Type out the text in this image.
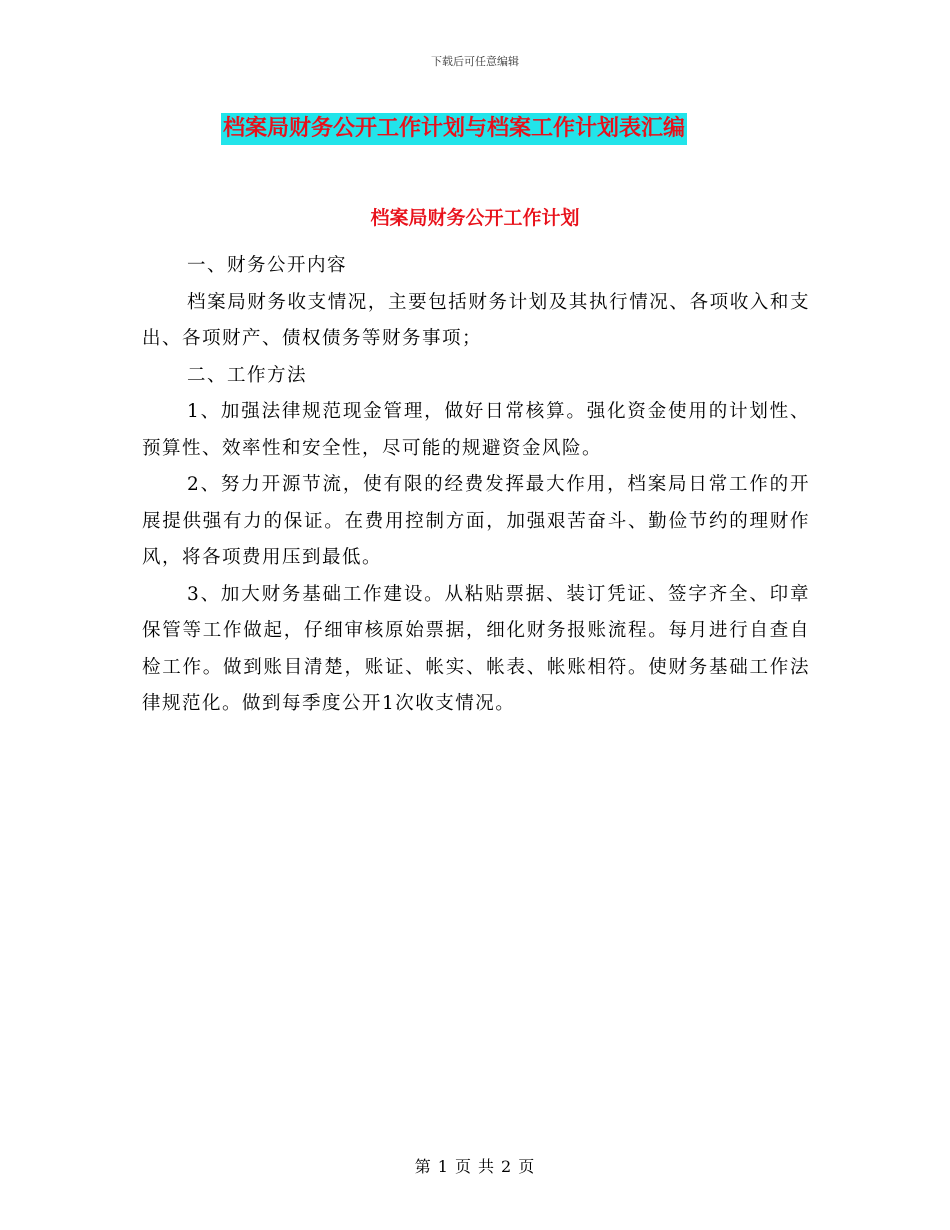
下载后可任意编辑
档案局财务公开工作计划与档案工作计划表汇编
档案局财务公开工作计划

一、财务公开内容

档案局财务收支情况，主要包括财务计划及其执行情况、各项收入和支出、各项财产、债权债务等财务事项；

二、工作方法

1、加强法律规范现金管理，做好日常核算。强化资金使用的计划性、预算性、效率性和安全性，尽可能的规避资金风险。

2、努力开源节流，使有限的经费发挥最大作用，档案局日常工作的开展提供强有力的保证。在费用控制方面，加强艰苦奋斗、勤俭节约的理财作风，将各项费用压到最低。

3、加大财务基础工作建设。从粘贴票据、装订凭证、签字齐全、印章保管等工作做起，仔细审核原始票据，细化财务报账流程。每月进行自查自检工作。做到账目清楚，账证、帐实、帐表、帐账相符。使财务基础工作法律规范化。做到每季度公开1次收支情况。

第 1 页 共 2 页
